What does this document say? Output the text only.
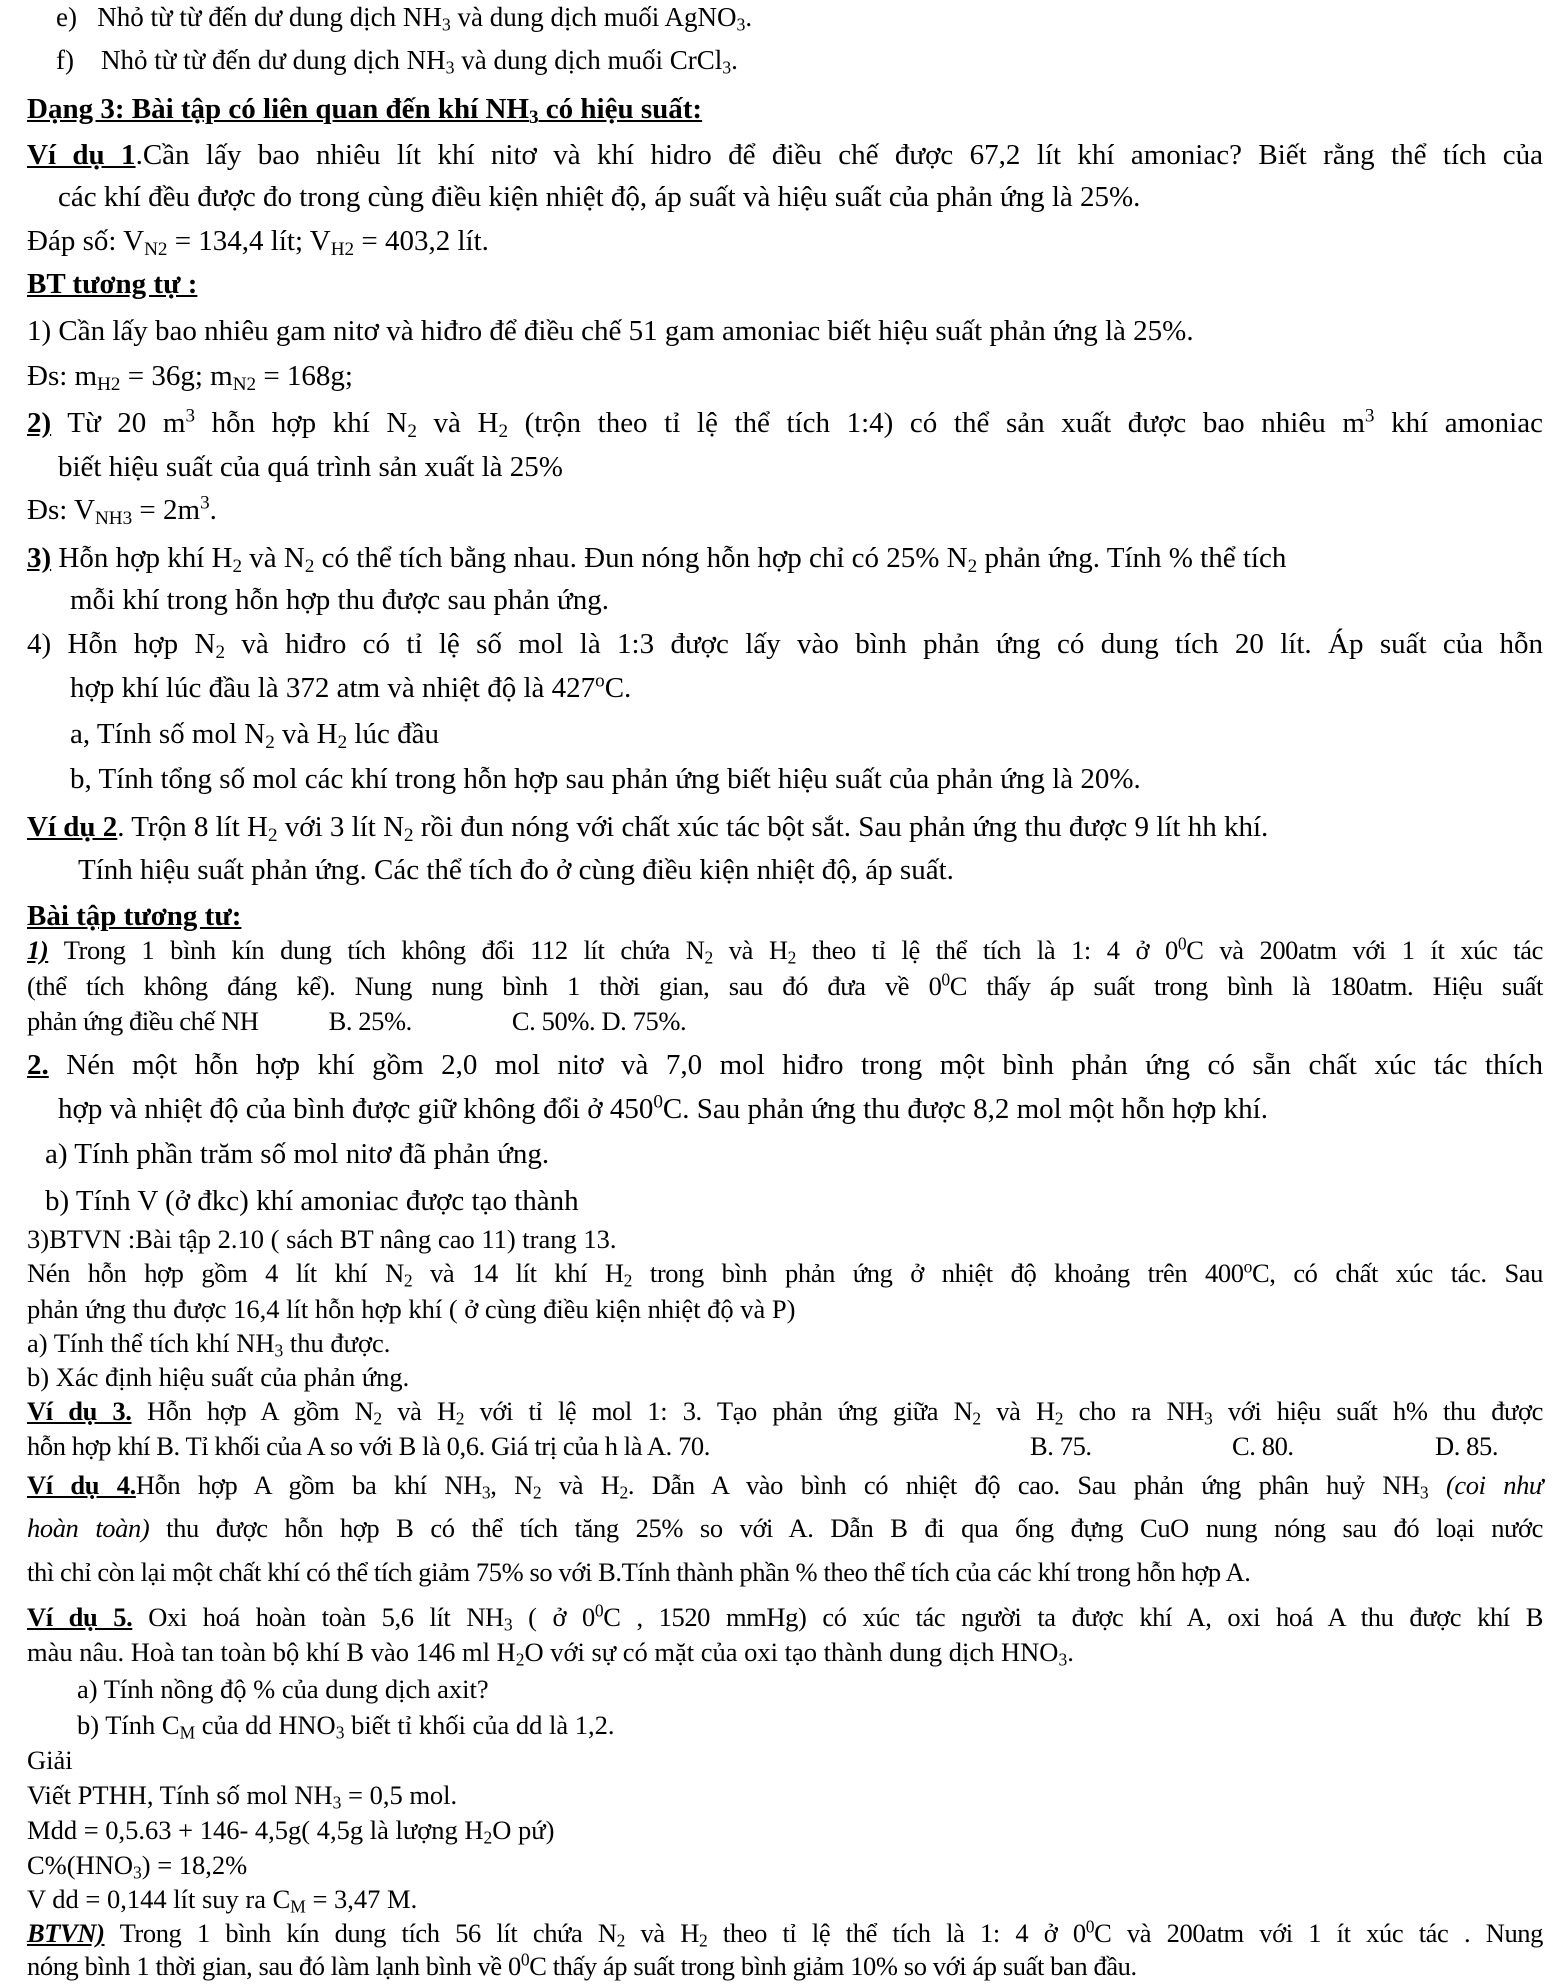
e) Nhỏ từ từ đến dư dung dịch $NH_3$ và dung dịch muối AgNO$_3$.
f) Nhỏ từ từ đến dư dung dịch $NH_3$ và dung dịch muối CrCl$_3$.
Dạng 3: Bài tập có liên quan đến khí $NH_3$ có hiệu suất:
Ví dụ 1.Cần lấy bao nhiêu lít khí nitơ và khí hidro để điều chế được 67,2 lít khí amoniac? Biết rằng thể tích của
các khí đều được đo trong cùng điều kiện nhiệt độ, áp suất và hiệu suất của phản ứng là 25%.
Đáp số: $V_{N2} = 134,4$ lít; $V_{H2} = 403,2$ lít.
BT tương tự :
1) Cần lấy bao nhiêu gam nitơ và hiđro để điều chế 51 gam amoniac biết hiệu suất phản ứng là 25%.
Đs: $m_{H2} = 36g$; $m_{N2} = 168g$;
2) Từ 20 $m^3$ hỗn hợp khí $N_2$ và $H_2$ (trộn theo tỉ lệ thể tích 1:4) có thể sản xuất được bao nhiêu $m^3$ khí amoniac
biết hiệu suất của quá trình sản xuất là 25%
Đs: $V_{NH3} = 2m^3$.
3) Hỗn hợp khí $H_2$ và $N_2$ có thể tích bằng nhau. Đun nóng hỗn hợp chỉ có 25% $N_2$ phản ứng. Tính % thể tích
mỗi khí trong hỗn hợp thu được sau phản ứng.
4) Hỗn hợp $N_2$ và hiđro có tỉ lệ số mol là 1:3 được lấy vào bình phản ứng có dung tích 20 lít. Áp suất của hỗn
hợp khí lúc đầu là 372 atm và nhiệt độ là 427$^o$C.
a, Tính số mol $N_2$ và $H_2$ lúc đầu
b, Tính tổng số mol các khí trong hỗn hợp sau phản ứng biết hiệu suất của phản ứng là 20%.
Ví dụ 2. Trộn 8 lít $H_2$ với 3 lít $N_2$ rồi đun nóng với chất xúc tác bột sắt. Sau phản ứng thu được 9 lít hh khí.
Tính hiệu suất phản ứng. Các thể tích đo ở cùng điều kiện nhiệt độ, áp suất.
Bài tập tương tư:
1) Trong 1 bình kín dung tích không đổi 112 lít chứa $N_2$ và $H_2$ theo tỉ lệ thể tích là 1: 4 ở $0^0C$ và 200atm với 1 ít xúc tác
(thể tích không đáng kể). Nung nung bình 1 thời gian, sau đó đưa về $0^0C$ thấy áp suất trong bình là 180atm. Hiệu suất
phản ứng điều chế NH	B. 25%.	C. 50%. D. 75%.
2. Nén một hỗn hợp khí gồm 2,0 mol nitơ và 7,0 mol hiđro trong một bình phản ứng có sẵn chất xúc tác thích
hợp và nhiệt độ của bình được giữ không đổi ở $450^0C$. Sau phản ứng thu được 8,2 mol một hỗn hợp khí.
a) Tính phần trăm số mol nitơ đã phản ứng.
b) Tính V (ở đkc) khí amoniac được tạo thành
3)BTVN :Bài tập 2.10 ( sách BT nâng cao 11) trang 13.
Nén hỗn hợp gồm 4 lít khí $N_2$ và 14 lít khí $H_2$ trong bình phản ứng ở nhiệt độ khoảng trên 400$^o$C, có chất xúc tác. Sau
phản ứng thu được 16,4 lít hỗn hợp khí ( ở cùng điều kiện nhiệt độ và P)
a) Tính thể tích khí $NH_3$ thu được.
b) Xác định hiệu suất của phản ứng.
Ví dụ 3. Hỗn hợp A gồm $N_2$ và $H_2$ với tỉ lệ mol 1: 3. Tạo phản ứng giữa $N_2$ và $H_2$ cho ra $NH_3$ với hiệu suất h% thu được
hỗn hợp khí B. Tỉ khối của A so với B là 0,6. Giá trị của h là A. 70.	B. 75.	C. 80.	D. 85.
Ví dụ 4.Hỗn hợp A gồm ba khí $NH_3$, $N_2$ và $H_2$. Dẫn A vào bình có nhiệt độ cao. Sau phản ứng phân huỷ $NH_3$ (coi như
hoàn toàn) thu được hỗn hợp B có thể tích tăng 25% so với A. Dẫn B đi qua ống đựng CuO nung nóng sau đó loại nước
thì chỉ còn lại một chất khí có thể tích giảm 75% so với B.Tính thành phần % theo thể tích của các khí trong hỗn hợp A.
Ví dụ 5. Oxi hoá hoàn toàn 5,6 lít $NH_3$ ( ở $0^0C$ , 1520 mmHg) có xúc tác người ta được khí A, oxi hoá A thu được khí B
màu nâu. Hoà tan toàn bộ khí B vào 146 ml $H_2O$ với sự có mặt của oxi tạo thành dung dịch $HNO_3$.
a) Tính nồng độ % của dung dịch axit?
b) Tính $C_M$ của dd $HNO_3$ biết tỉ khối của dd là 1,2.
Giải
Viết PTHH, Tính số mol $NH_3 = 0,5$ mol.
Mdd = 0,5.63 + 146- 4,5g( 4,5g là lượng $H_2O$ pứ)
$C\%(HNO_3) = 18,2\%$
V dd = 0,144 lít suy ra $C_M = 3,47$ M.
BTVN) Trong 1 bình kín dung tích 56 lít chứa $N_2$ và $H_2$ theo tỉ lệ thể tích là 1: 4 ở $0^0C$ và 200atm với 1 ít xúc tác . Nung
nóng bình 1 thời gian, sau đó làm lạnh bình về $0^0C$ thấy áp suất trong bình giảm 10% so với áp suất ban đầu.
